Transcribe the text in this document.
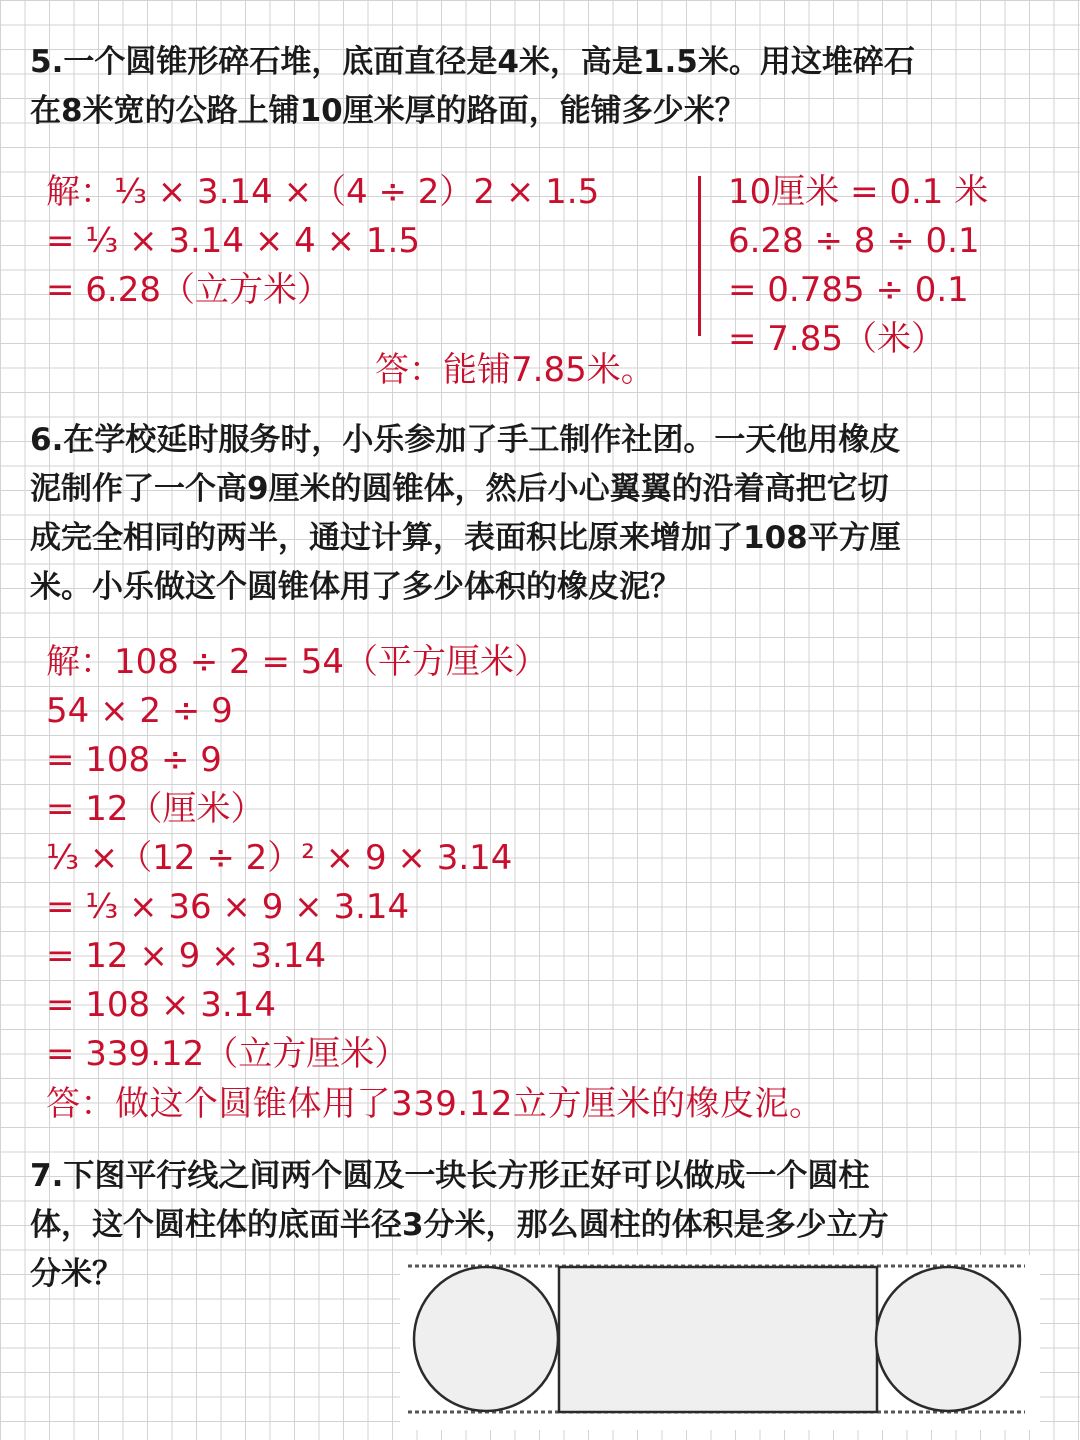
5.一个圆锥形碎石堆，底面直径是4米，高是1.5米。用这堆碎石
在8米宽的公路上铺10厘米厚的路面，能铺多少米？
解：⅓ × 3.14 ×（4 ÷ 2）2 × 1.5
= ⅓ × 3.14 × 4 × 1.5
= 6.28（立方米）
10厘米 = 0.1 米
6.28 ÷ 8 ÷ 0.1
= 0.785 ÷ 0.1
= 7.85（米）
答：能铺7.85米。
6.在学校延时服务时，小乐参加了手工制作社团。一天他用橡皮
泥制作了一个高9厘米的圆锥体，然后小心翼翼的沿着高把它切
成完全相同的两半，通过计算，表面积比原来增加了108平方厘
米。小乐做这个圆锥体用了多少体积的橡皮泥？
解：108 ÷ 2 = 54（平方厘米）
54 × 2 ÷ 9
= 108 ÷ 9
= 12（厘米）
⅓ ×（12 ÷ 2）² × 9 × 3.14
= ⅓ × 36 × 9 × 3.14
= 12 × 9 × 3.14
= 108 × 3.14
= 339.12（立方厘米）
答：做这个圆锥体用了339.12立方厘米的橡皮泥。
7.下图平行线之间两个圆及一块长方形正好可以做成一个圆柱
体，这个圆柱体的底面半径3分米，那么圆柱的体积是多少立方
分米？
